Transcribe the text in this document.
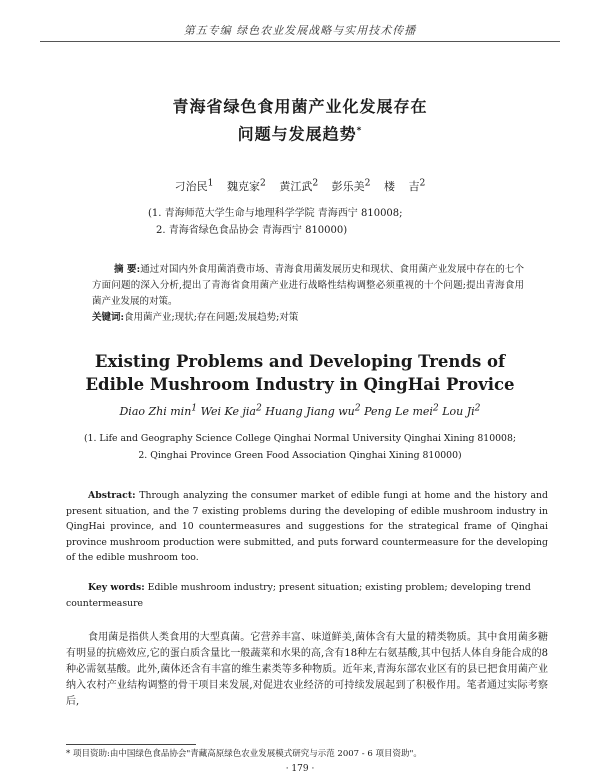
第五专编 绿色农业发展战略与实用技术传播
青海省绿色食用菌产业化发展存在
问题与发展趋势*
刁治民$^1$ 魏克家$^2$ 黄江武$^2$ 彭乐美$^2$ 楼 吉$^2$
(1. 青海师范大学生命与地理科学学院 青海西宁 810008;
2. 青海省绿色食品协会 青海西宁 810000)
摘 要:通过对国内外食用菌消费市场、青海食用菌发展历史和现状、食用菌产业发展中存在的七个方面问题的深入分析,提出了青海省食用菌产业进行战略性结构调整必须重视的十个问题;提出青海食用菌产业发展的对策。
关键词:食用菌产业;现状;存在问题;发展趋势;对策
Existing Problems and Developing Trends of
Edible Mushroom Industry in QingHai Provice
Diao Zhi $\min^1$ Wei Ke jia$^2$ Huang Jiang $wu^2$ Peng Le mei$^2$ Lou Ji$^2$
(1. Life and Geography Science College Qinghai Normal University Qinghai Xining 810008;
2. Qinghai Province Green Food Association Qinghai Xining 810000)
Abstract: Through analyzing the consumer market of edible fungi at home and the history and present situation, and the 7 existing problems during the developing of edible mushroom industry in QingHai province, and 10 countermeasures and suggestions for the strategical frame of Qinghai province mushroom production were submitted, and puts forward countermeasure for the developing of the edible mushroom too.
Key words: Edible mushroom industry; present situation; existing problem; developing trend countermeasure
食用菌是指供人类食用的大型真菌。它营养丰富、味道鲜美,菌体含有大量的精类物质。其中食用菌多糖有明显的抗癌效应,它的蛋白质含量比一般蔬菜和水果的高,含有18种左右氨基酸,其中包括人体自身能合成的8种必需氨基酸。此外,菌体还含有丰富的维生素类等多种物质。近年来,青海东部农业区有的县已把食用菌产业纳入农村产业结构调整的骨干项目来发展,对促进农业经济的可持续发展起到了积极作用。笔者通过实际考察后,
* 项目资助:由中国绿色食品协会"青藏高原绿色农业发展模式研究与示范 2007 - 6 项目资助"。
· 179 ·
